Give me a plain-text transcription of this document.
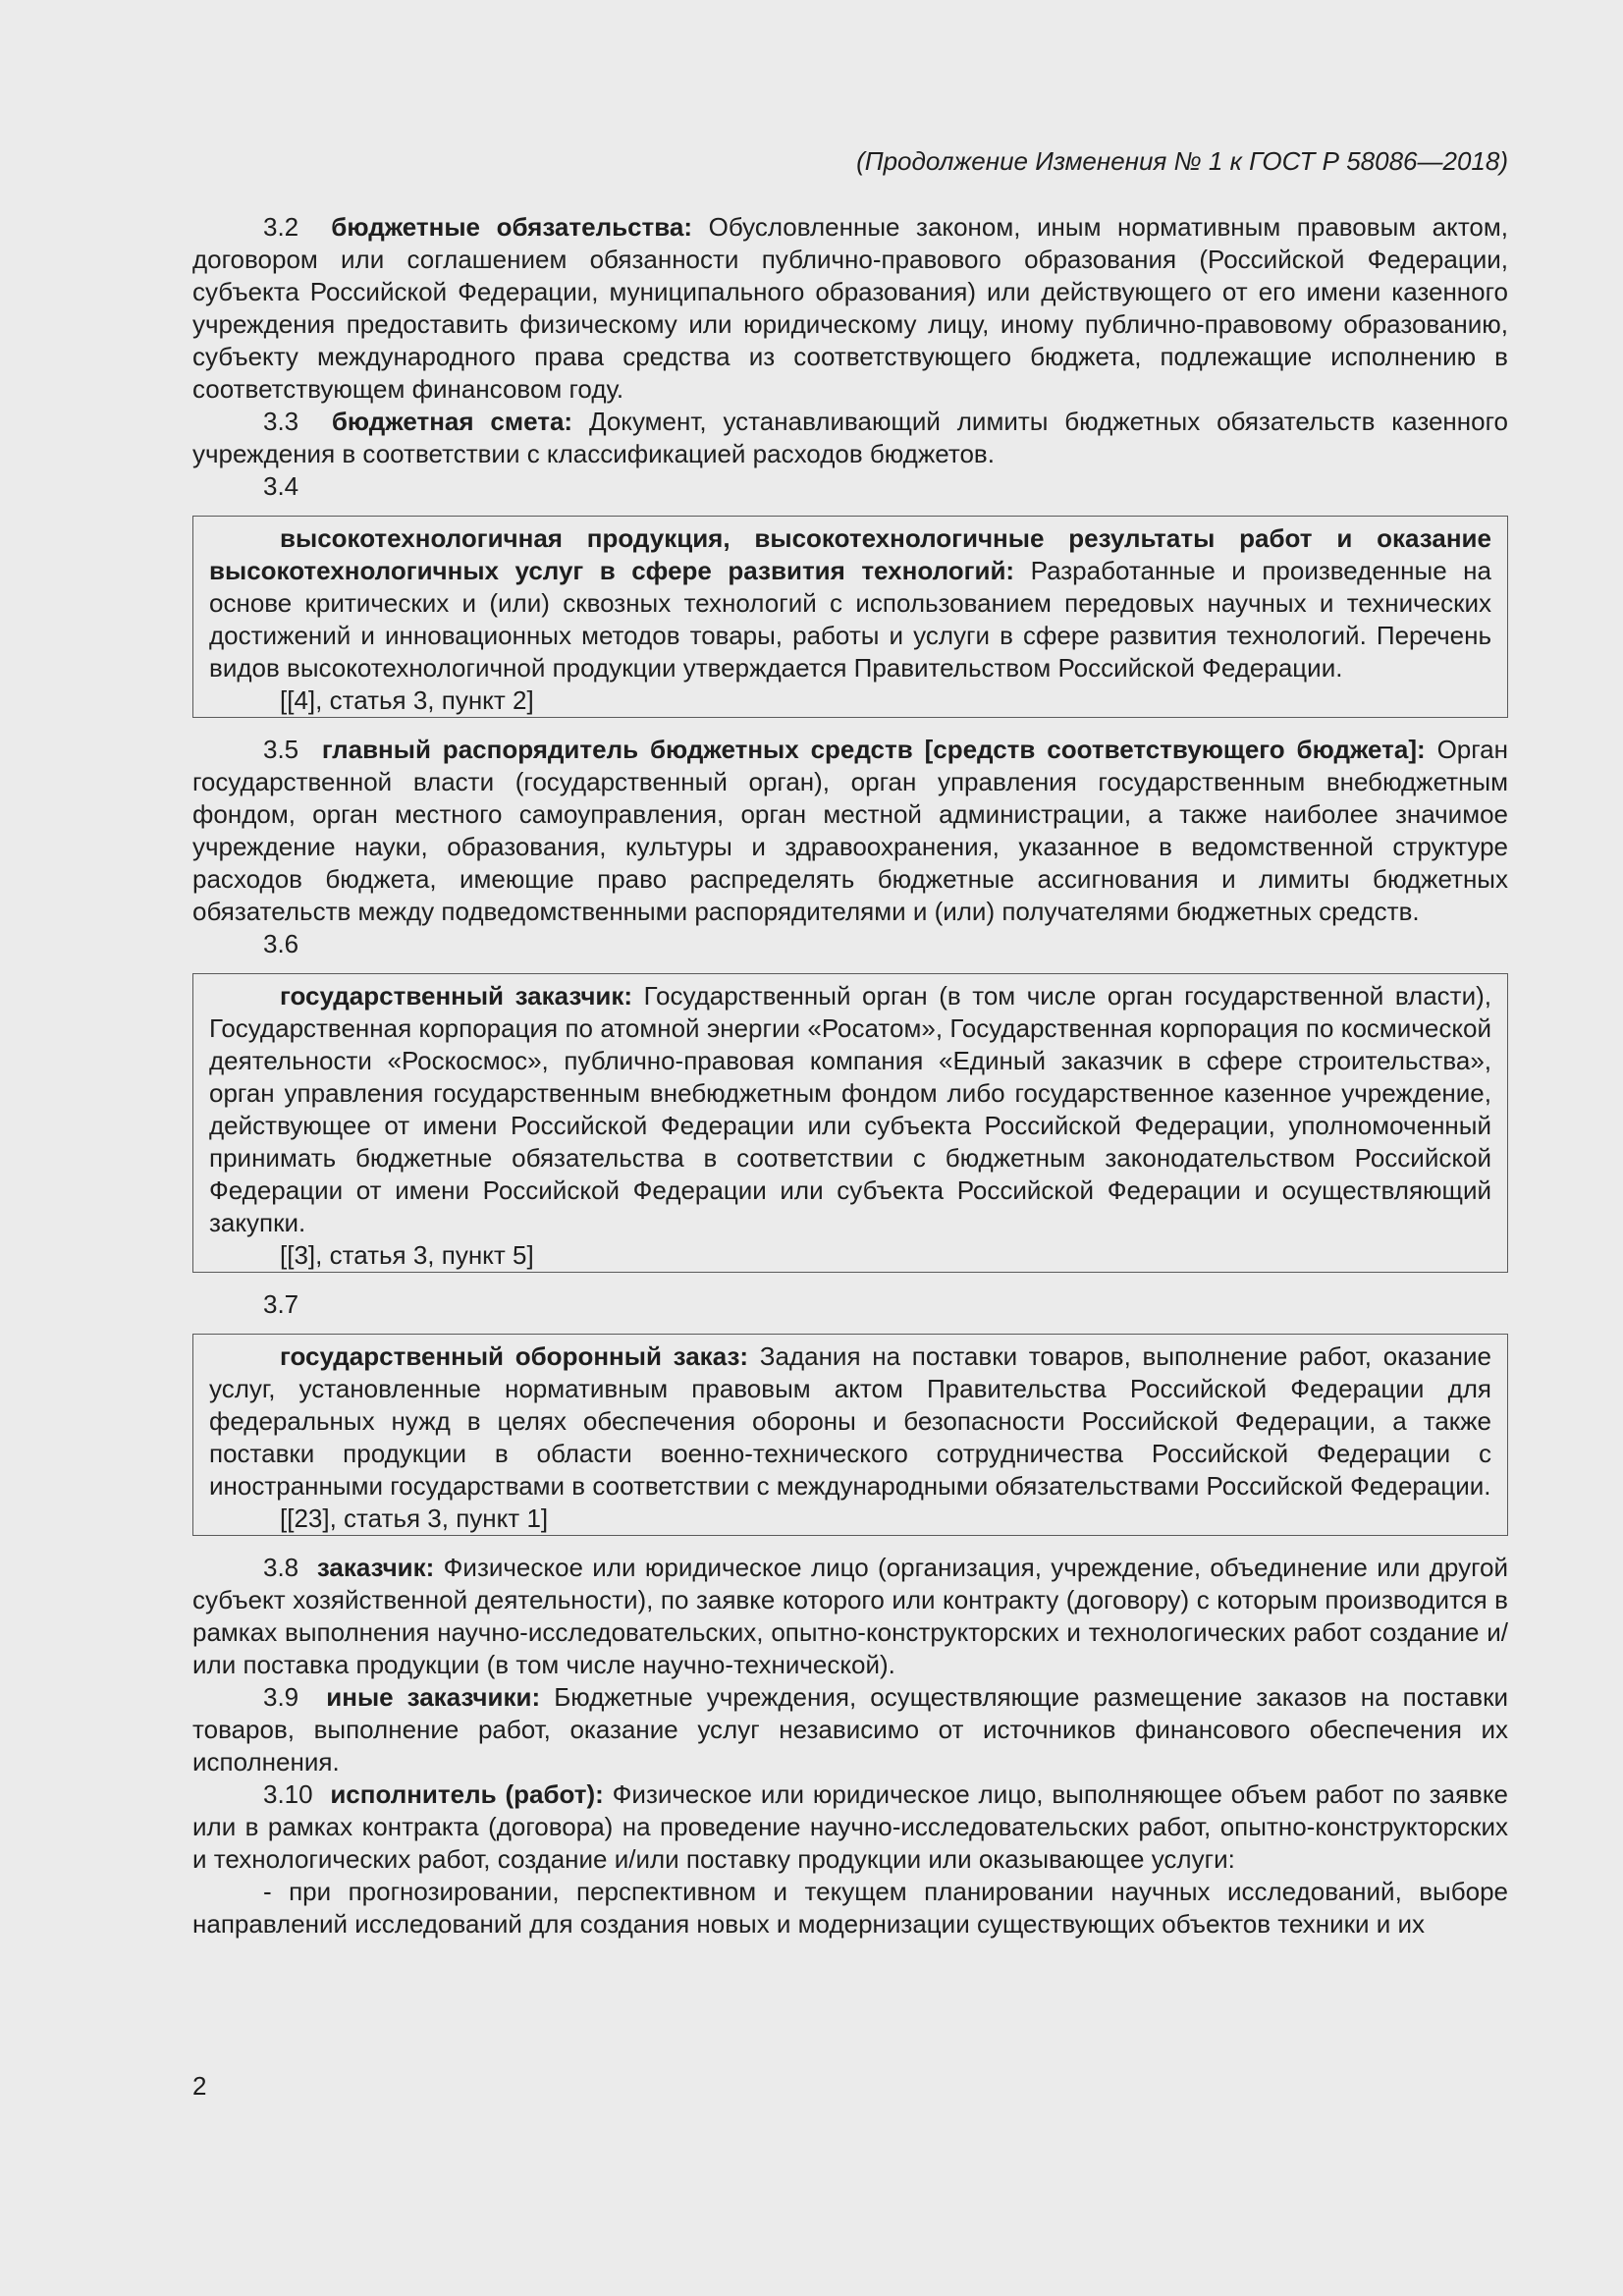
(Продолжение Изменения № 1 к ГОСТ Р 58086—2018)

3.2 бюджетные обязательства: Обусловленные законом, иным нормативным правовым актом, договором или соглашением обязанности публично-правового образования (Российской Федерации, субъекта Российской Федерации, муниципального образования) или действующего от его имени казенного учреждения предоставить физическому или юридическому лицу, иному публично-правовому образованию, субъекту международного права средства из соответствующего бюджета, подлежащие исполнению в соответствующем финансовом году.

3.3 бюджетная смета: Документ, устанавливающий лимиты бюджетных обязательств казенного учреждения в соответствии с классификацией расходов бюджетов.

3.4

высокотехнологичная продукция, высокотехнологичные результаты работ и оказание высокотехнологичных услуг в сфере развития технологий: Разработанные и произведенные на основе критических и (или) сквозных технологий с использованием передовых научных и технических достижений и инновационных методов товары, работы и услуги в сфере развития технологий. Перечень видов высокотехнологичной продукции утверждается Правительством Российской Федерации.

[[4], статья 3, пункт 2]

3.5 главный распорядитель бюджетных средств [средств соответствующего бюджета]: Орган государственной власти (государственный орган), орган управления государственным внебюджетным фондом, орган местного самоуправления, орган местной администрации, а также наиболее значимое учреждение науки, образования, культуры и здравоохранения, указанное в ведомственной структуре расходов бюджета, имеющие право распределять бюджетные ассигнования и лимиты бюджетных обязательств между подведомственными распорядителями и (или) получателями бюджетных средств.

3.6

государственный заказчик: Государственный орган (в том числе орган государственной власти), Государственная корпорация по атомной энергии «Росатом», Государственная корпорация по космической деятельности «Роскосмос», публично-правовая компания «Единый заказчик в сфере строительства», орган управления государственным внебюджетным фондом либо государственное казенное учреждение, действующее от имени Российской Федерации или субъекта Российской Федерации, уполномоченный принимать бюджетные обязательства в соответствии с бюджетным законодательством Российской Федерации от имени Российской Федерации или субъекта Российской Федерации и осуществляющий закупки.

[[3], статья 3, пункт 5]
3.7

государственный оборонный заказ: Задания на поставки товаров, выполнение работ, оказание услуг, установленные нормативным правовым актом Правительства Российской Федерации для федеральных нужд в целях обеспечения обороны и безопасности Российской Федерации, а также поставки продукции в области военно-технического сотрудничества Российской Федерации с иностранными государствами в соответствии с международными обязательствами Российской Федерации.

[[23], статья 3, пункт 1]

3.8 заказчик: Физическое или юридическое лицо (организация, учреждение, объединение или другой субъект хозяйственной деятельности), по заявке которого или контракту (договору) с которым производится в рамках выполнения научно-исследовательских, опытно-конструкторских и технологических работ создание и/или поставка продукции (в том числе научно-технической).

3.9 иные заказчики: Бюджетные учреждения, осуществляющие размещение заказов на поставки товаров, выполнение работ, оказание услуг независимо от источников финансового обеспечения их исполнения.

3.10 исполнитель (работ): Физическое или юридическое лицо, выполняющее объем работ по заявке или в рамках контракта (договора) на проведение научно-исследовательских работ, опытно-конструкторских и технологических работ, создание и/или поставку продукции или оказывающее услуги:

- при прогнозировании, перспективном и текущем планировании научных исследований, выборе направлений исследований для создания новых и модернизации существующих объектов техники и их

2
